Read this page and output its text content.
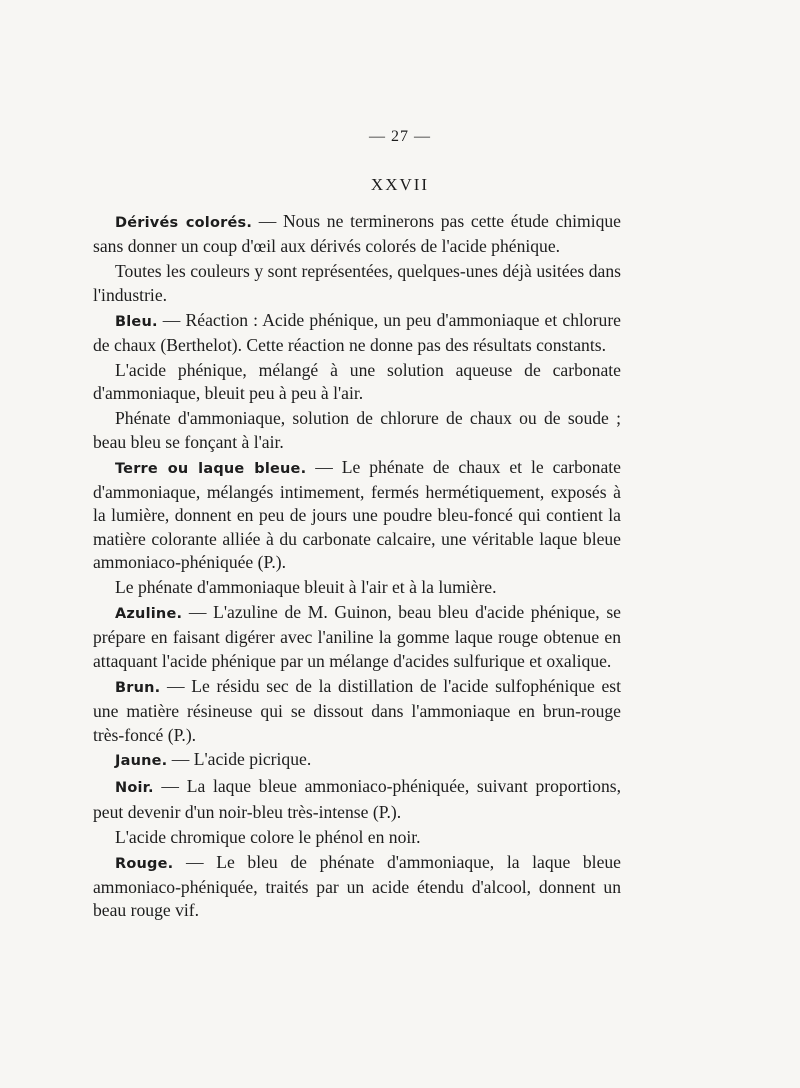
— 27 —
XXVII

Dérivés colorés. — Nous ne terminerons pas cette étude chimique sans donner un coup d'œil aux dérivés colorés de l'acide phénique.

Toutes les couleurs y sont représentées, quelques-unes déjà usitées dans l'industrie.

Bleu. — Réaction : Acide phénique, un peu d'ammoniaque et chlorure de chaux (Berthelot). Cette réaction ne donne pas des résultats constants.

L'acide phénique, mélangé à une solution aqueuse de carbonate d'ammoniaque, bleuit peu à peu à l'air.

Phénate d'ammoniaque, solution de chlorure de chaux ou de soude ; beau bleu se fonçant à l'air.

Terre ou laque bleue. — Le phénate de chaux et le carbonate d'ammoniaque, mélangés intimement, fermés hermétiquement, exposés à la lumière, donnent en peu de jours une poudre bleu-foncé qui contient la matière colorante alliée à du carbonate calcaire, une véritable laque bleue ammoniaco-phéniquée (P.).

Le phénate d'ammoniaque bleuit à l'air et à la lumière.

Azuline. — L'azuline de M. Guinon, beau bleu d'acide phénique, se prépare en faisant digérer avec l'aniline la gomme laque rouge obtenue en attaquant l'acide phénique par un mélange d'acides sulfurique et oxalique.

Brun. — Le résidu sec de la distillation de l'acide sulfophénique est une matière résineuse qui se dissout dans l'ammoniaque en brun-rouge très-foncé (P.).

Jaune. — L'acide picrique.

Noir. — La laque bleue ammoniaco-phéniquée, suivant proportions, peut devenir d'un noir-bleu très-intense (P.).

L'acide chromique colore le phénol en noir.

Rouge. — Le bleu de phénate d'ammoniaque, la laque bleue ammoniaco-phéniquée, traités par un acide étendu d'alcool, donnent un beau rouge vif.
